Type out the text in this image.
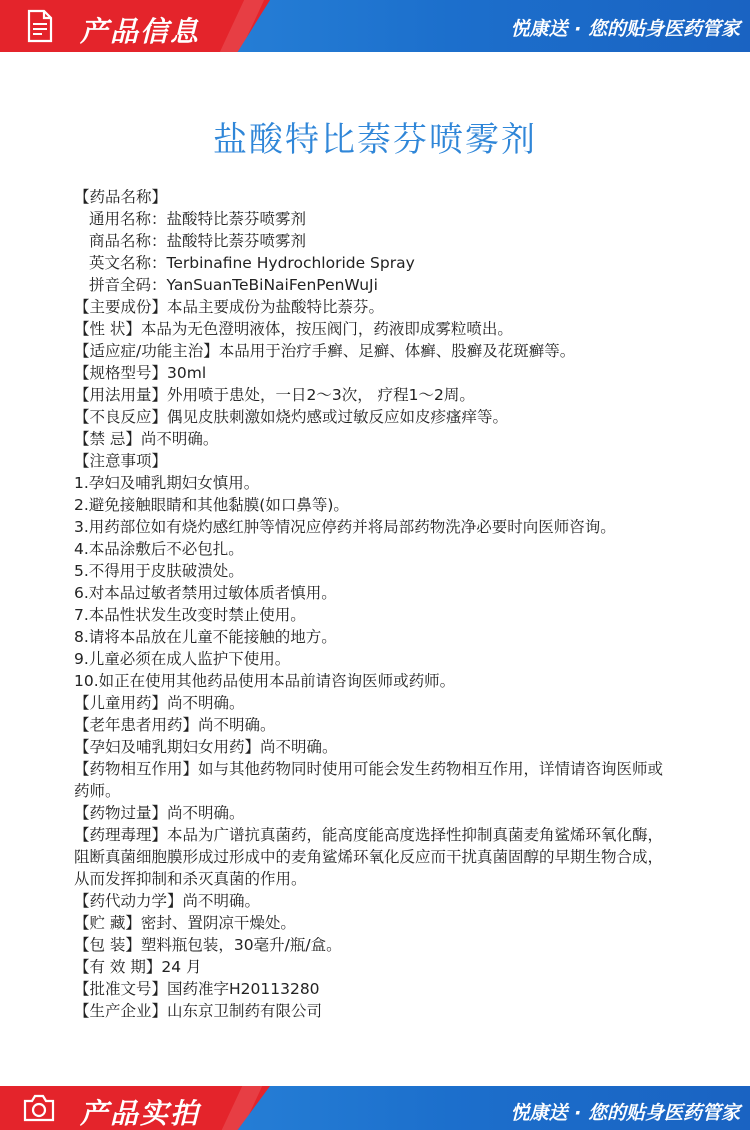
产品信息	悦康送 · 您的贴身医药管家
盐酸特比萘芬喷雾剂
【药品名称】
通用名称：盐酸特比萘芬喷雾剂
商品名称：盐酸特比萘芬喷雾剂
英文名称：Terbinafine Hydrochloride Spray
拼音全码：YanSuanTeBiNaiFenPenWuJi
【主要成份】本品主要成份为盐酸特比萘芬。
【性 状】本品为无色澄明液体，按压阀门，药液即成雾粒喷出。
【适应症/功能主治】本品用于治疗手癣、足癣、体癣、股癣及花斑癣等。
【规格型号】30ml
【用法用量】外用喷于患处，一日2～3次， 疗程1～2周。
【不良反应】偶见皮肤刺激如烧灼感或过敏反应如皮疹瘙痒等。
【禁 忌】尚不明确。
【注意事项】
1.孕妇及哺乳期妇女慎用。
2.避免接触眼睛和其他黏膜(如口鼻等)。
3.用药部位如有烧灼感红肿等情况应停药并将局部药物洗净必要时向医师咨询。
4.本品涂敷后不必包扎。
5.不得用于皮肤破溃处。
6.对本品过敏者禁用过敏体质者慎用。
7.本品性状发生改变时禁止使用。
8.请将本品放在儿童不能接触的地方。
9.儿童必须在成人监护下使用。
10.如正在使用其他药品使用本品前请咨询医师或药师。
【儿童用药】尚不明确。
【老年患者用药】尚不明确。
【孕妇及哺乳期妇女用药】尚不明确。
【药物相互作用】如与其他药物同时使用可能会发生药物相互作用，详情请咨询医师或药师。
【药物过量】尚不明确。
【药理毒理】本品为广谱抗真菌药，能高度能高度选择性抑制真菌麦角鲨烯环氧化酶，阻断真菌细胞膜形成过形成中的麦角鲨烯环氧化反应而干扰真菌固醇的早期生物合成，从而发挥抑制和杀灭真菌的作用。
【药代动力学】尚不明确。
【贮 藏】密封、置阴凉干燥处。
【包 装】塑料瓶包装，30毫升/瓶/盒。
【有 效 期】24 月
【批准文号】国药准字H20113280
【生产企业】山东京卫制药有限公司
产品实拍	悦康送 · 您的贴身医药管家
